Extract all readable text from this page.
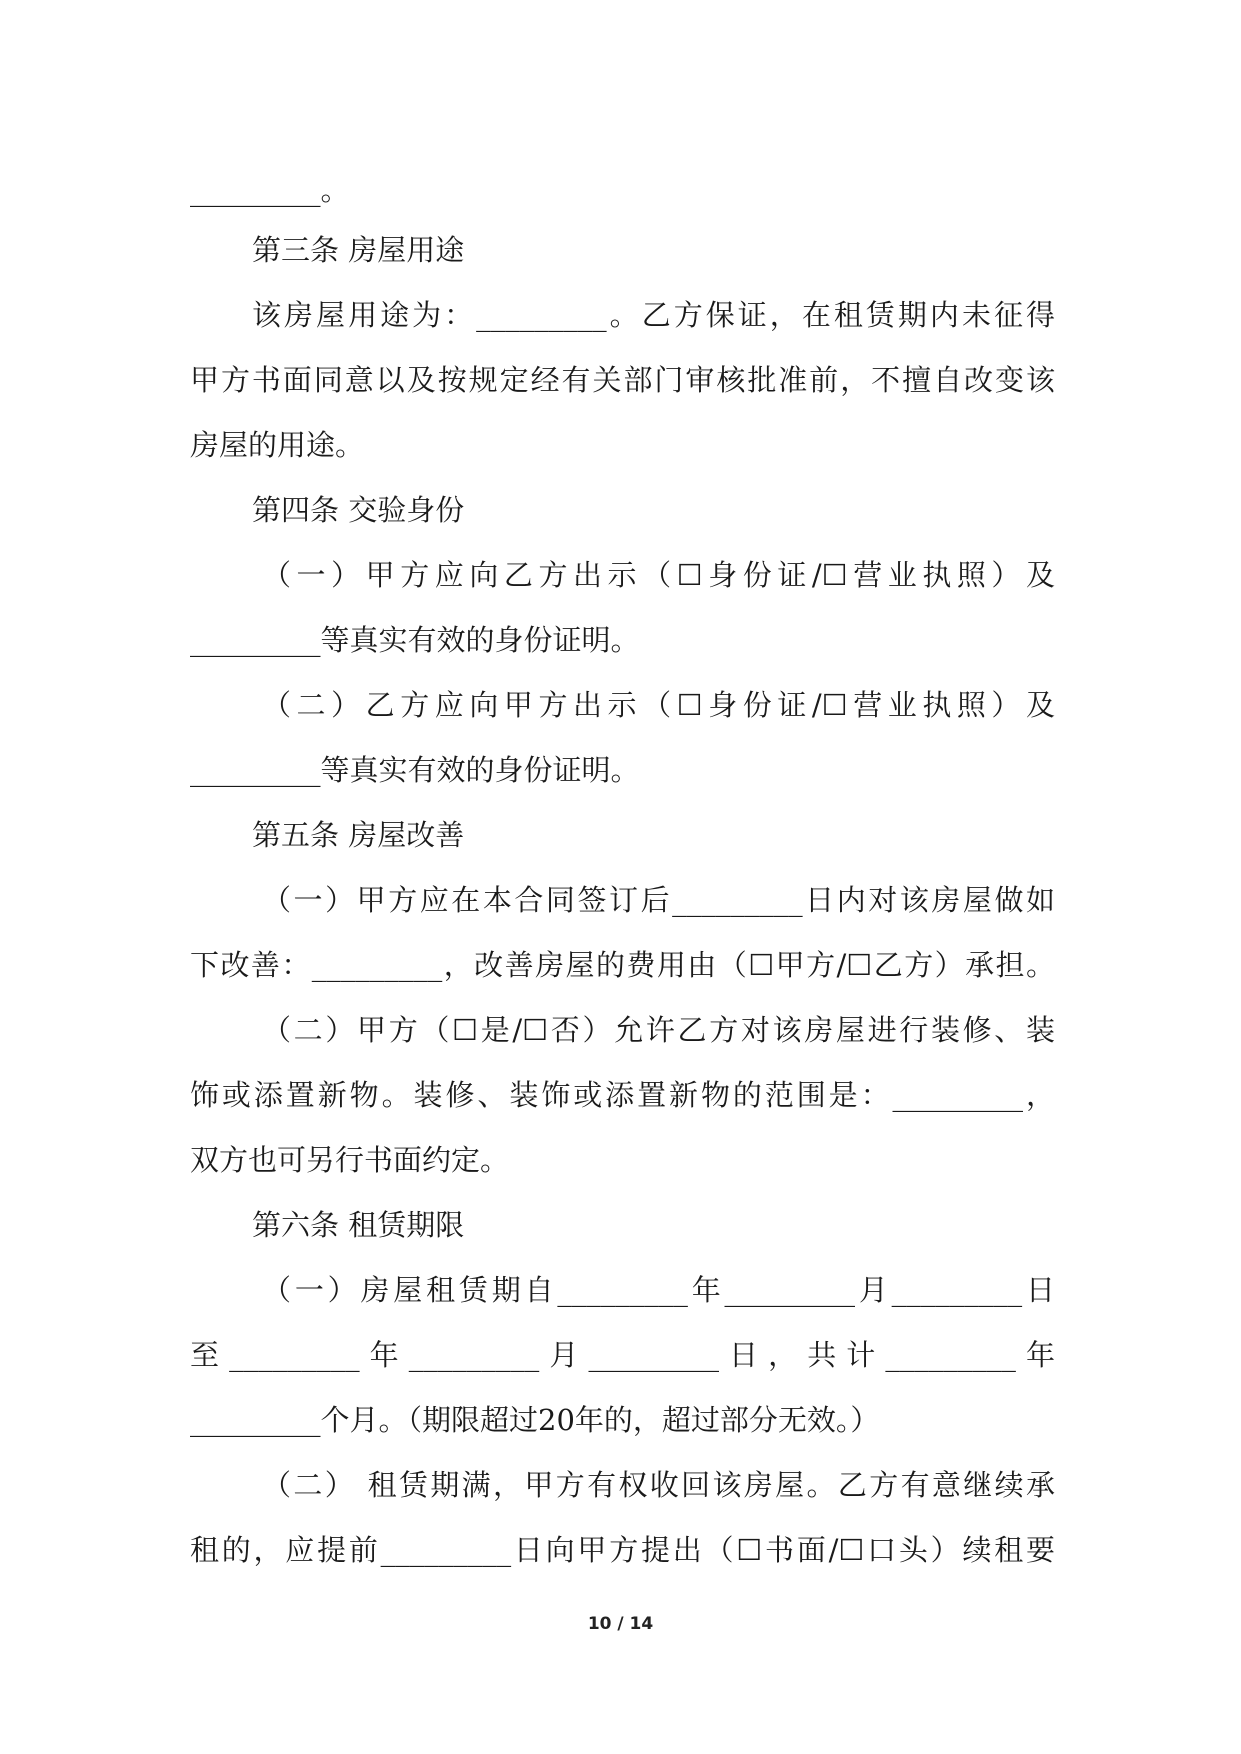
_________。
第三条 房屋用途
该房屋用途为：_________。乙方保证，在租赁期内未征得
甲方书面同意以及按规定经有关部门审核批准前，不擅自改变该
房屋的用途。
第四条 交验身份
（一）甲方应向乙方出示（☐身份证/☐营业执照）及
_________等真实有效的身份证明。
（二）乙方应向甲方出示（☐身份证/☐营业执照）及
_________等真实有效的身份证明。
第五条 房屋改善
（一）甲方应在本合同签订后_________日内对该房屋做如
下改善：_________，改善房屋的费用由（☐甲方/☐乙方）承担。
（二）甲方（☐是/☐否）允许乙方对该房屋进行装修、装
饰或添置新物。装修、装饰或添置新物的范围是：_________，
双方也可另行书面约定。
第六条 租赁期限
（一）房屋租赁期自_________年_________月_________日
至_________年_________月_________日，共计_________年
_________个月。（期限超过20年的，超过部分无效。）
（二） 租赁期满，甲方有权收回该房屋。乙方有意继续承
租的，应提前_________日向甲方提出（☐书面/☐口头）续租要
10 / 14
